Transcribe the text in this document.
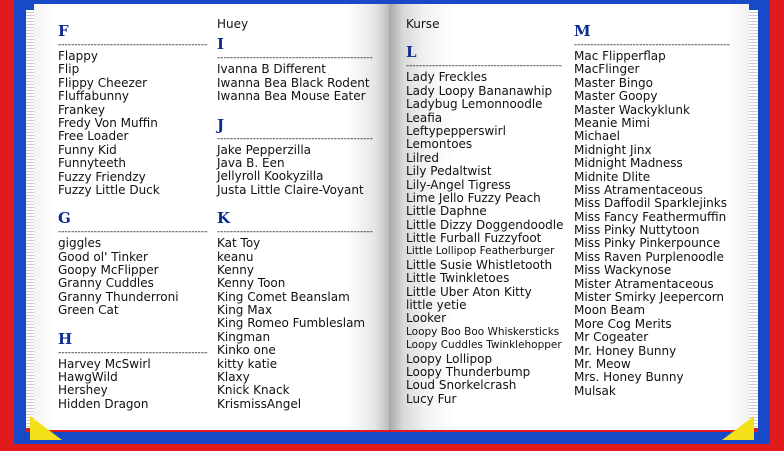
F
-----
Flappy
Flip
Flippy Cheezer
Fluffabunny
Frankey
Fredy Von Muffin
Free Loader
Funny Kid
Funnyteeth
Fuzzy Friendzy
Fuzzy Little Duck
G
-----
giggles
Good ol' Tinker
Goopy McFlipper
Granny Cuddles
Granny Thunderroni
Green Cat
H
-----
Harvey McSwirl
HawgWild
Hershey
Hidden Dragon
Huey
I
-----
Ivanna B Different
Iwanna Bea Black Rodent
Iwanna Bea Mouse Eater
J
-----
Jake Pepperzilla
Java B. Een
Jellyroll Kookyzilla
Justa Little Claire-Voyant
K
-----
Kat Toy
keanu
Kenny
Kenny Toon
King Comet Beanslam
King Max
King Romeo Fumbleslam
Kingman
Kinko one
kitty katie
Klaxy
Knick Knack
KrismissAngel
Kurse
L
-----
Lady Freckles
Lady Loopy Bananawhip
Ladybug Lemonnoodle
Leafia
Leftypepperswirl
Lemontoes
Lilred
Lily Pedaltwist
Lily-Angel Tigress
Lime Jello Fuzzy Peach
Little Daphne
Little Dizzy Doggendoodle
Little Furball Fuzzyfoot
Little Lollipop Featherburger
Little Susie Whistletooth
Little Twinkletoes
Little Uber Aton Kitty
little yetie
Looker
Loopy Boo Boo Whiskersticks
Loopy Cuddles Twinklehopper
Loopy Lollipop
Loopy Thunderbump
Loud Snorkelcrash
Lucy Fur
M
-----
Mac Flipperflap
MacFlinger
Master Bingo
Master Goopy
Master Wackyklunk
Meanie Mimi
Michael
Midnight Jinx
Midnight Madness
Midnite Dlite
Miss Atramentaceous
Miss Daffodil Sparklejinks
Miss Fancy Feathermuffin
Miss Pinky Nuttytoon
Miss Pinky Pinkerpounce
Miss Raven Purplenoodle
Miss Wackynose
Mister Atramentaceous
Mister Smirky Jeepercorn
Moon Beam
More Cog Merits
Mr Cogeater
Mr. Honey Bunny
Mr. Meow
Mrs. Honey Bunny
Mulsak
